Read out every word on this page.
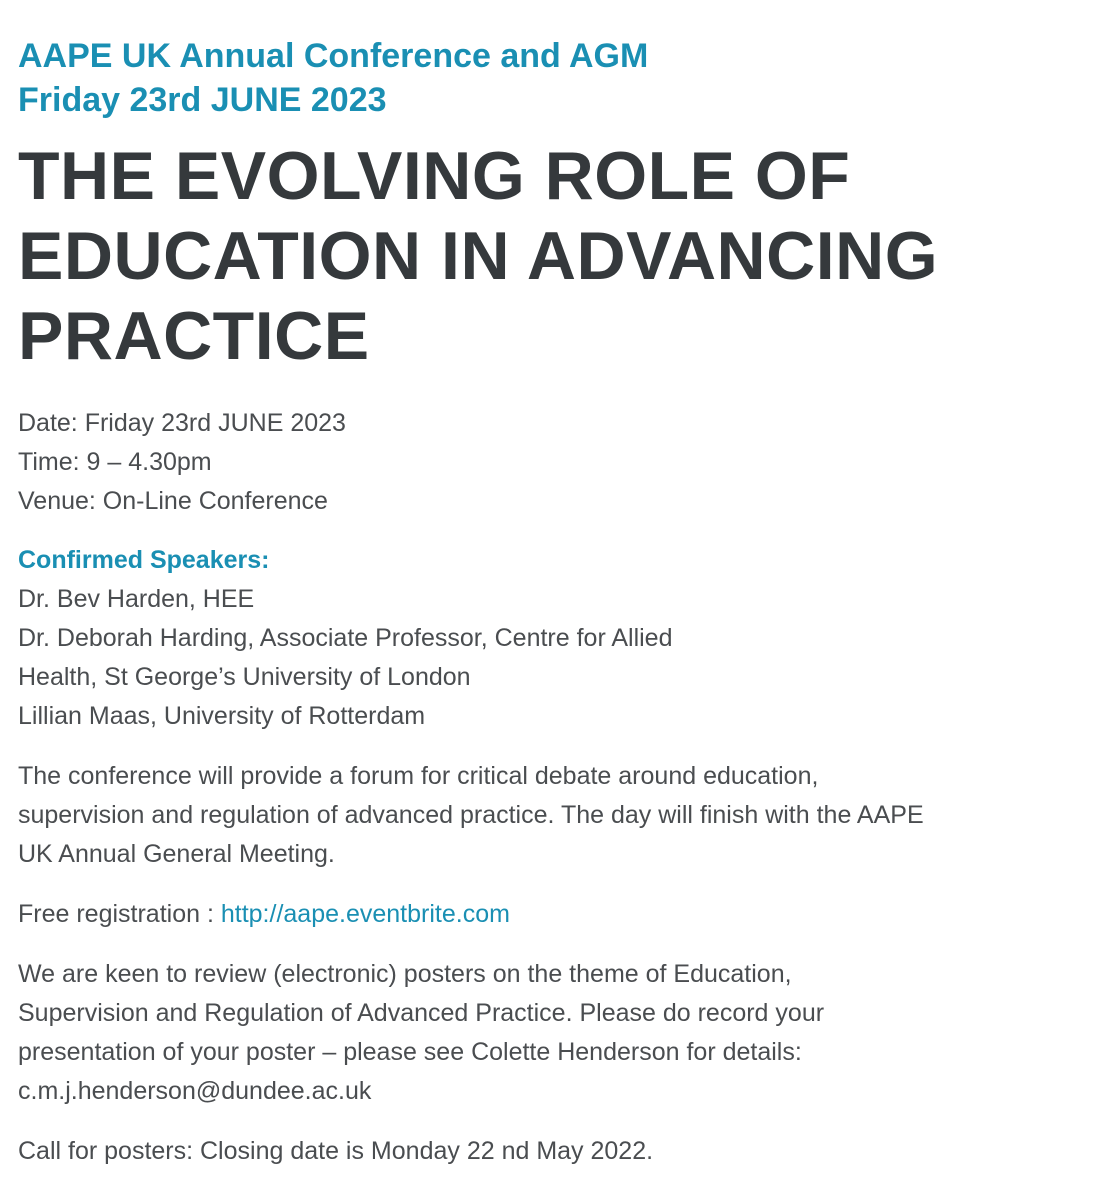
AAPE UK Annual Conference and AGM
Friday 23rd JUNE 2023
THE EVOLVING ROLE OF
EDUCATION IN ADVANCING
PRACTICE
Date: Friday 23rd JUNE 2023
Time: 9 – 4.30pm
Venue: On-Line Conference
Confirmed Speakers:
Dr. Bev Harden, HEE
Dr. Deborah Harding, Associate Professor, Centre for Allied
Health, St George’s University of London
Lillian Maas, University of Rotterdam
The conference will provide a forum for critical debate around education,
supervision and regulation of advanced practice. The day will finish with the AAPE
UK Annual General Meeting.
Free registration : http://aape.eventbrite.com
We are keen to review (electronic) posters on the theme of Education,
Supervision and Regulation of Advanced Practice. Please do record your
presentation of your poster – please see Colette Henderson for details:
c.m.j.henderson@dundee.ac.uk
Call for posters: Closing date is Monday 22 nd May 2022.
